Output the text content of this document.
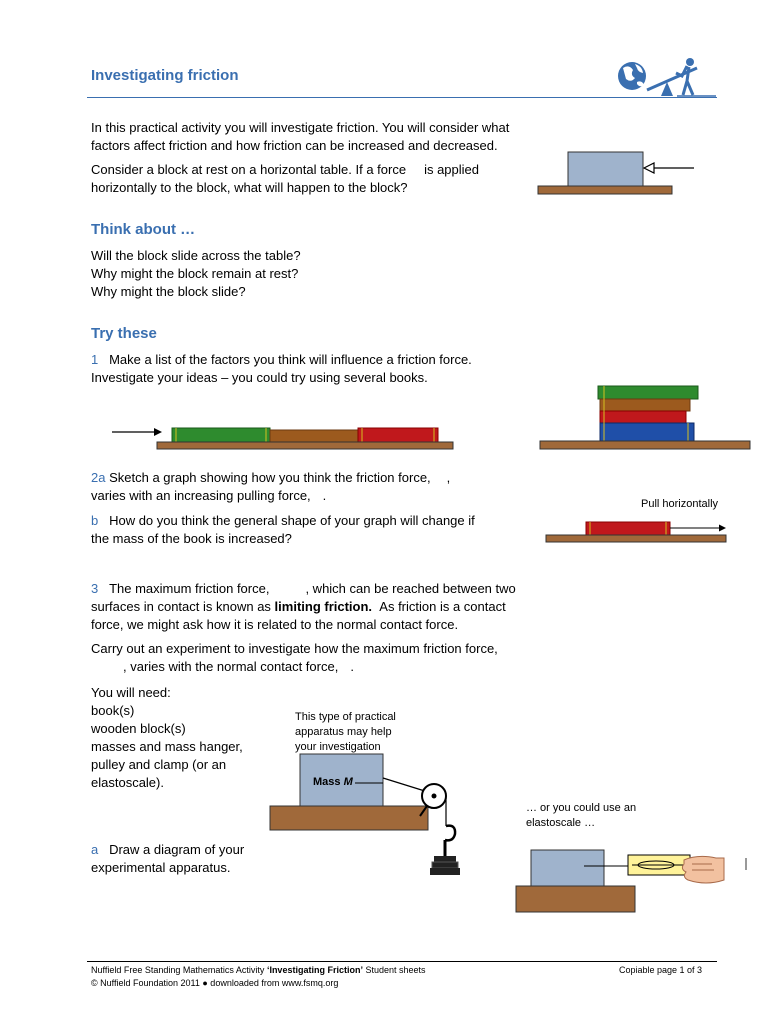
Investigating friction
In this practical activity you will investigate friction. You will consider what
factors affect friction and how friction can be increased and decreased.
Consider a block at rest on a horizontal table. If a force is applied
horizontally to the block, what will happen to the block?
Think about …
Will the block slide across the table?
Why might the block remain at rest?
Why might the block slide?
Try these
1 Make a list of the factors you think will influence a friction force.
Investigate your ideas – you could try using several books.
2a Sketch a graph showing how you think the friction force, ,
varies with an increasing pulling force, .
b How do you think the general shape of your graph will change if
the mass of the book is increased?
Pull horizontally
3 The maximum friction force,	, which can be reached between two
surfaces in contact is known as limiting friction. As friction is a contact
force, we might ask how it is related to the normal contact force.
Carry out an experiment to investigate how the maximum friction force,
, varies with the normal contact force, .
You will need:
book(s)
wooden block(s)
masses and mass hanger,
pulley and clamp (or an
elastoscale).
This type of practical
apparatus may help
your investigation
Mass M
… or you could use an
elastoscale …
a Draw a diagram of your
experimental apparatus.
Nuffield Free Standing Mathematics Activity ‘Investigating Friction’ Student sheets
© Nuffield Foundation 2011 ● downloaded from www.fsmq.org
Copiable page 1 of 3
